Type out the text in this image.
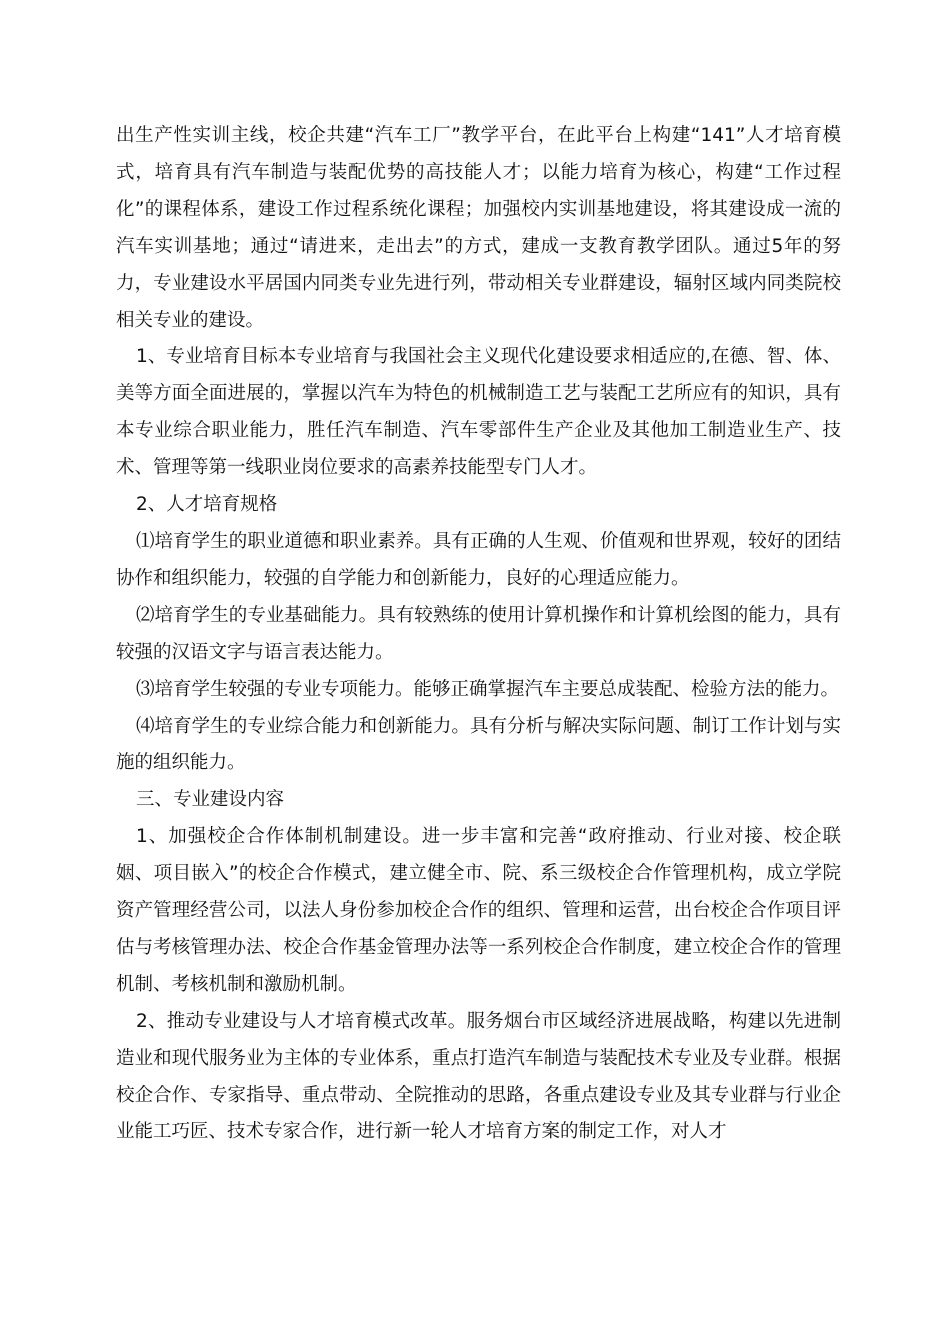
出生产性实训主线，校企共建“汽车工厂”教学平台，在此平台上构建“141”人才培育模式，培育具有汽车制造与装配优势的高技能人才；以能力培育为核心，构建“工作过程化”的课程体系，建设工作过程系统化课程；加强校内实训基地建设，将其建设成一流的汽车实训基地；通过“请进来，走出去”的方式，建成一支教育教学团队。通过5年的努力，专业建设水平居国内同类专业先进行列，带动相关专业群建设，辐射区域内同类院校相关专业的建设。

1、专业培育目标本专业培育与我国社会主义现代化建设要求相适应的,在德、智、体、美等方面全面进展的，掌握以汽车为特色的机械制造工艺与装配工艺所应有的知识，具有本专业综合职业能力，胜任汽车制造、汽车零部件生产企业及其他加工制造业生产、技术、管理等第一线职业岗位要求的高素养技能型专门人才。

2、人才培育规格

⑴培育学生的职业道德和职业素养。具有正确的人生观、价值观和世界观，较好的团结协作和组织能力，较强的自学能力和创新能力，良好的心理适应能力。

⑵培育学生的专业基础能力。具有较熟练的使用计算机操作和计算机绘图的能力，具有较强的汉语文字与语言表达能力。

⑶培育学生较强的专业专项能力。能够正确掌握汽车主要总成装配、检验方法的能力。

⑷培育学生的专业综合能力和创新能力。具有分析与解决实际问题、制订工作计划与实施的组织能力。

三、专业建设内容

1、加强校企合作体制机制建设。进一步丰富和完善“政府推动、行业对接、校企联姻、项目嵌入”的校企合作模式，建立健全市、院、系三级校企合作管理机构，成立学院资产管理经营公司，以法人身份参加校企合作的组织、管理和运营，出台校企合作项目评估与考核管理办法、校企合作基金管理办法等一系列校企合作制度，建立校企合作的管理机制、考核机制和激励机制。

2、推动专业建设与人才培育模式改革。服务烟台市区域经济进展战略，构建以先进制造业和现代服务业为主体的专业体系，重点打造汽车制造与装配技术专业及专业群。根据校企合作、专家指导、重点带动、全院推动的思路，各重点建设专业及其专业群与行业企业能工巧匠、技术专家合作，进行新一轮人才培育方案的制定工作，对人才
